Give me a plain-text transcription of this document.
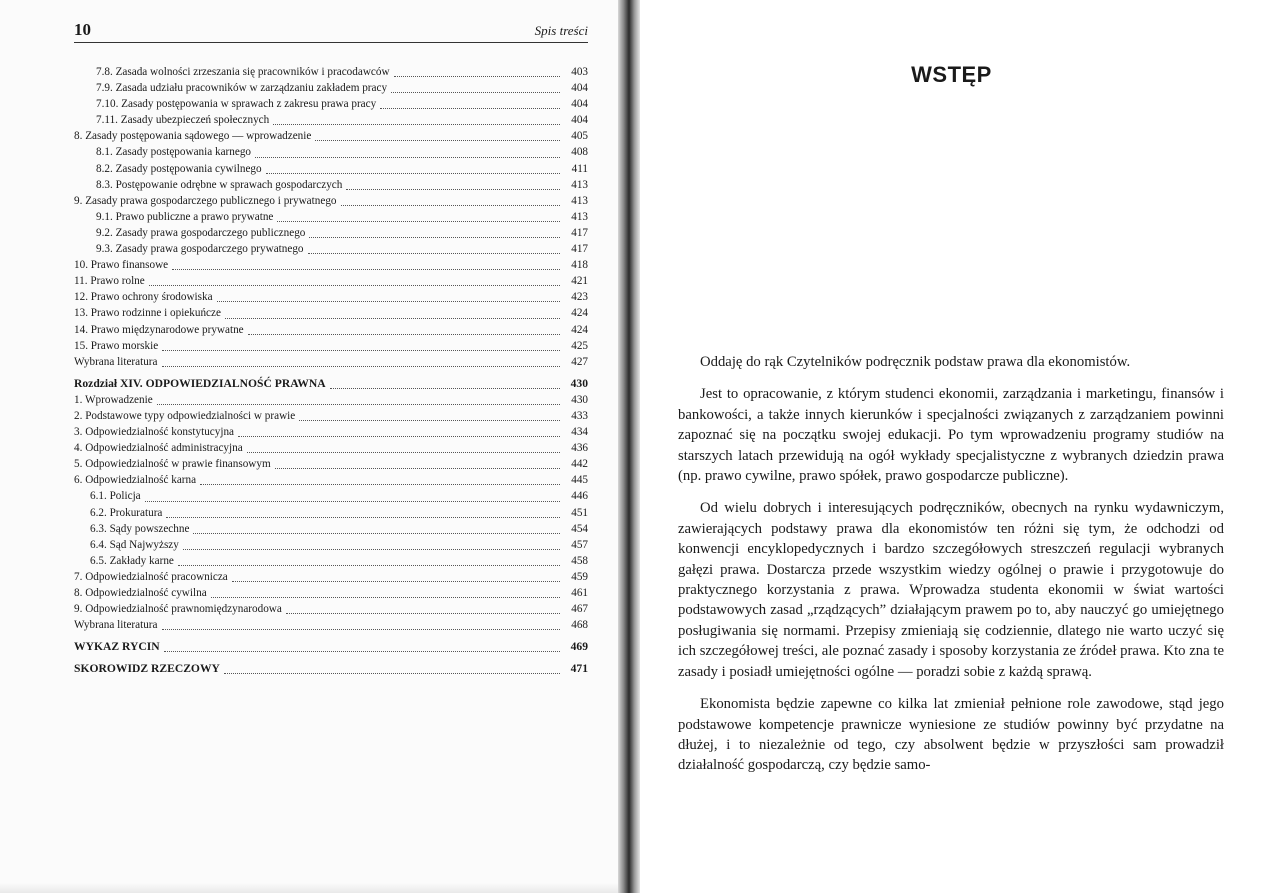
10	Spis treści
7.8. Zasada wolności zrzeszania się pracowników i pracodawców	403
7.9. Zasada udziału pracowników w zarządzaniu zakładem pracy	404
7.10. Zasady postępowania w sprawach z zakresu prawa pracy	404
7.11. Zasady ubezpieczeń społecznych	404
8. Zasady postępowania sądowego — wprowadzenie	405
8.1. Zasady postępowania karnego	408
8.2. Zasady postępowania cywilnego	411
8.3. Postępowanie odrębne w sprawach gospodarczych	413
9. Zasady prawa gospodarczego publicznego i prywatnego	413
9.1. Prawo publiczne a prawo prywatne	413
9.2. Zasady prawa gospodarczego publicznego	417
9.3. Zasady prawa gospodarczego prywatnego	417
10. Prawo finansowe	418
11. Prawo rolne	421
12. Prawo ochrony środowiska	423
13. Prawo rodzinne i opiekuńcze	424
14. Prawo międzynarodowe prywatne	424
15. Prawo morskie	425
Wybrana literatura	427
Rozdział XIV. ODPOWIEDZIALNOŚĆ PRAWNA	430
1. Wprowadzenie	430
2. Podstawowe typy odpowiedzialności w prawie	433
3. Odpowiedzialność konstytucyjna	434
4. Odpowiedzialność administracyjna	436
5. Odpowiedzialność w prawie finansowym	442
6. Odpowiedzialność karna	445
6.1. Policja	446
6.2. Prokuratura	451
6.3. Sądy powszechne	454
6.4. Sąd Najwyższy	457
6.5. Zakłady karne	458
7. Odpowiedzialność pracownicza	459
8. Odpowiedzialność cywilna	461
9. Odpowiedzialność prawnomiędzynarodowa	467
Wybrana literatura	468
WYKAZ RYCIN	469
SKOROWIDZ RZECZOWY	471
WSTĘP

Oddaję do rąk Czytelników podręcznik podstaw prawa dla ekonomistów.

Jest to opracowanie, z którym studenci ekonomii, zarządzania i marketingu, finansów i bankowości, a także innych kierunków i specjalności związanych z zarządzaniem powinni zapoznać się na początku swojej edukacji. Po tym wprowadzeniu programy studiów na starszych latach przewidują na ogół wykłady specjalistyczne z wybranych dziedzin prawa (np. prawo cywilne, prawo spółek, prawo gospodarcze publiczne).

Od wielu dobrych i interesujących podręczników, obecnych na rynku wydawniczym, zawierających podstawy prawa dla ekonomistów ten różni się tym, że odchodzi od konwencji encyklopedycznych i bardzo szczegółowych streszczeń regulacji wybranych gałęzi prawa. Dostarcza przede wszystkim wiedzy ogólnej o prawie i przygotowuje do praktycznego korzystania z prawa. Wprowadza studenta ekonomii w świat wartości podstawowych zasad „rządzących” działającym prawem po to, aby nauczyć go umiejętnego posługiwania się normami. Przepisy zmieniają się codziennie, dlatego nie warto uczyć się ich szczegółowej treści, ale poznać zasady i sposoby korzystania ze źródeł prawa. Kto zna te zasady i posiadł umiejętności ogólne — poradzi sobie z każdą sprawą.

Ekonomista będzie zapewne co kilka lat zmieniał pełnione role zawodowe, stąd jego podstawowe kompetencje prawnicze wyniesione ze studiów powinny być przydatne na dłużej, i to niezależnie od tego, czy absolwent będzie w przyszłości sam prowadził działalność gospodarczą, czy będzie samo-
